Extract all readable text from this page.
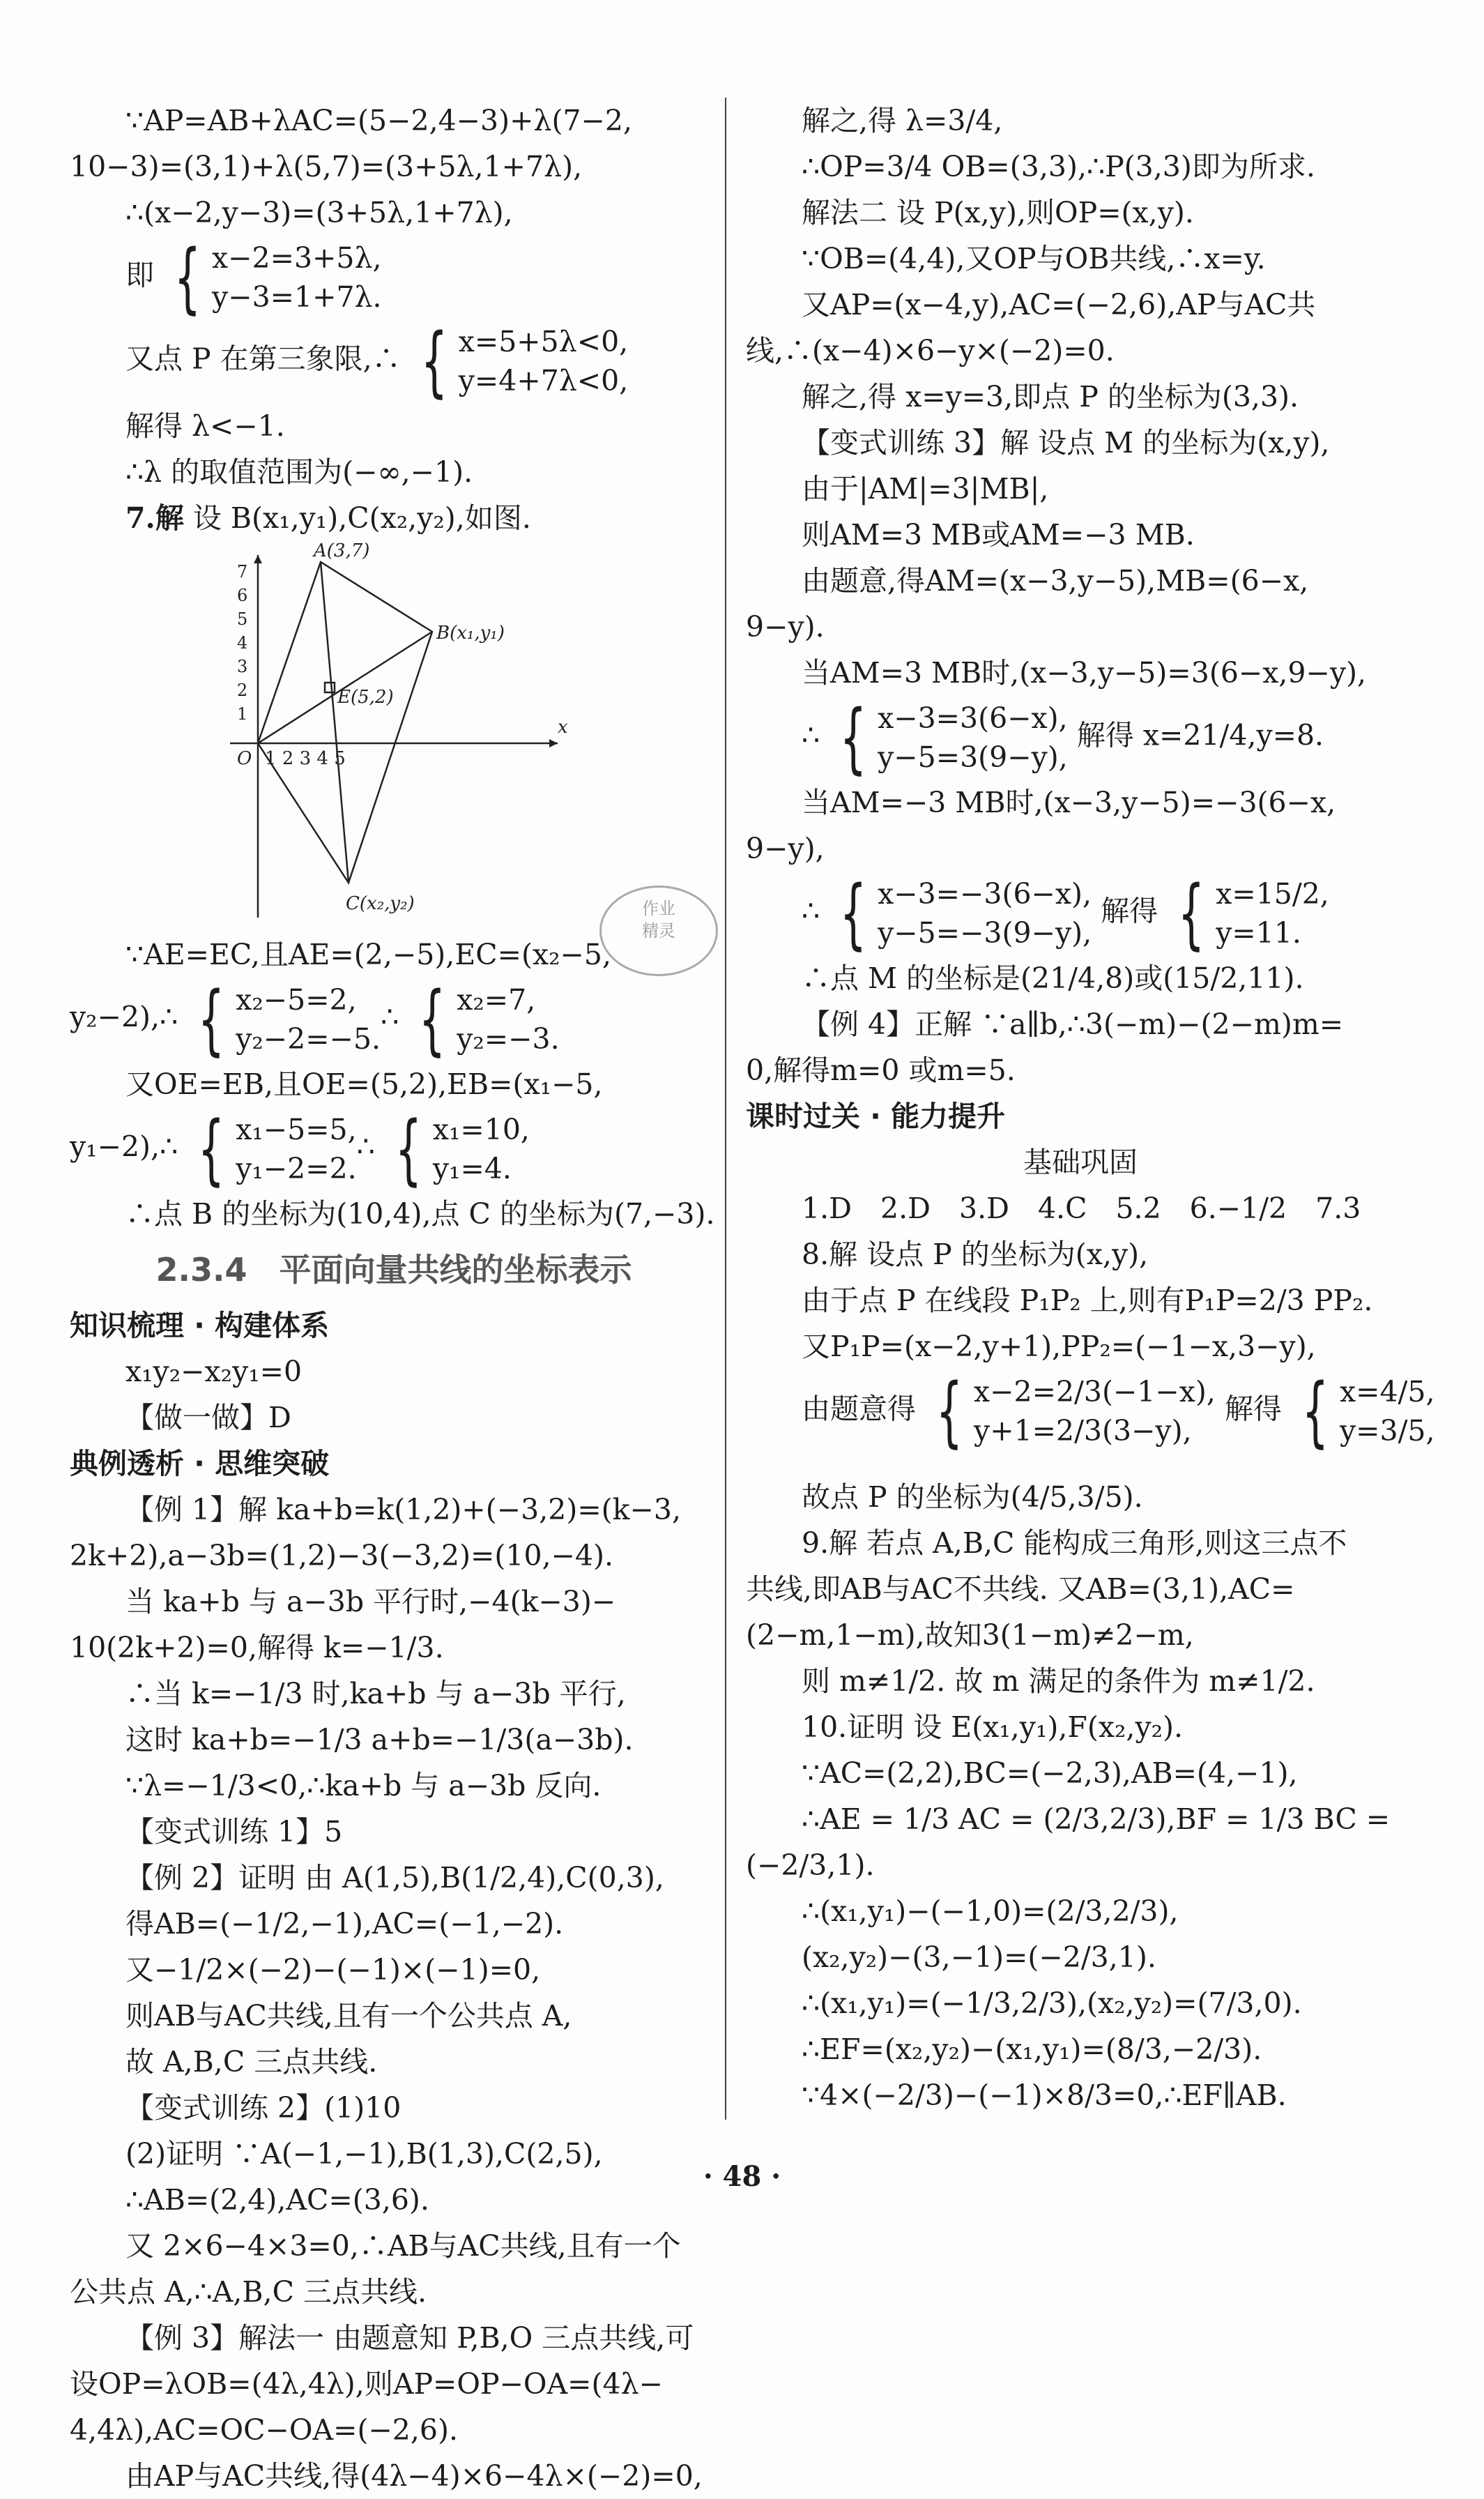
∵AP=AB+λAC=(5−2,4−3)+λ(7−2,
10−3)=(3,1)+λ(5,7)=(3+5λ,1+7λ),
∴(x−2,y−3)=(3+5λ,1+7λ),
即 { x−2=3+5λ,
y−3=1+7λ.
又点 P 在第三象限,∴ { x=5+5λ<0,
y=4+7λ<0,
解得 λ<−1.
∴λ 的取值范围为(−∞,−1).
7.解 设 B(x₁,y₁),C(x₂,y₂),如图.
A(3,7)
B(x₁,y₁)
C(x₂,y₂)
E(5,2)
O
x
1 2 3 4 5
7
6
5
4
3
2
1
∵AE=EC,且AE=(2,−5),EC=(x₂−5,
y₂−2),∴ { x₂−5=2,
y₂−2=−5.
∴ { x₂=7,
y₂=−3.
又OE=EB,且OE=(5,2),EB=(x₁−5,
y₁−2),∴ { x₁−5=5,
y₁−2=2.
∴ { x₁=10,
y₁=4.
∴点 B 的坐标为(10,4),点 C 的坐标为(7,−3).
2.3.4　平面向量共线的坐标表示
知识梳理 · 构建体系
x₁y₂−x₂y₁=0
【做一做】D
典例透析 · 思维突破
【例 1】解 ka+b=k(1,2)+(−3,2)=(k−3,
2k+2),a−3b=(1,2)−3(−3,2)=(10,−4).
当 ka+b 与 a−3b 平行时,−4(k−3)−
10(2k+2)=0,解得 k=−1/3.
∴当 k=−1/3 时,ka+b 与 a−3b 平行,
这时 ka+b=−1/3 a+b=−1/3(a−3b).
∵λ=−1/3<0,∴ka+b 与 a−3b 反向.
【变式训练 1】5
【例 2】证明 由 A(1,5),B(1/2,4),C(0,3),
得AB=(−1/2,−1),AC=(−1,−2).
又−1/2×(−2)−(−1)×(−1)=0,
则AB与AC共线,且有一个公共点 A,
故 A,B,C 三点共线.
【变式训练 2】(1)10
(2)证明 ∵A(−1,−1),B(1,3),C(2,5),
∴AB=(2,4),AC=(3,6).
又 2×6−4×3=0,∴AB与AC共线,且有一个
公共点 A,∴A,B,C 三点共线.
【例 3】解法一 由题意知 P,B,O 三点共线,可
设OP=λOB=(4λ,4λ),则AP=OP−OA=(4λ−
4,4λ),AC=OC−OA=(−2,6).
由AP与AC共线,得(4λ−4)×6−4λ×(−2)=0,
解之,得 λ=3/4,
∴OP=3/4 OB=(3,3),∴P(3,3)即为所求.
解法二 设 P(x,y),则OP=(x,y).
∵OB=(4,4),又OP与OB共线,∴x=y.
又AP=(x−4,y),AC=(−2,6),AP与AC共
线,∴(x−4)×6−y×(−2)=0.
解之,得 x=y=3,即点 P 的坐标为(3,3).
【变式训练 3】解 设点 M 的坐标为(x,y),
由于|AM|=3|MB|,
则AM=3 MB或AM=−3 MB.
由题意,得AM=(x−3,y−5),MB=(6−x,
9−y).
当AM=3 MB时,(x−3,y−5)=3(6−x,9−y),
∴ { x−3=3(6−x),
y−5=3(9−y),
解得 x=21/4,y=8.
当AM=−3 MB时,(x−3,y−5)=−3(6−x,
9−y),
∴ { x−3=−3(6−x),
y−5=−3(9−y),
解得 { x=15/2,
y=11.
∴点 M 的坐标是(21/4,8)或(15/2,11).
【例 4】正解 ∵a∥b,∴3(−m)−(2−m)m=
0,解得m=0 或m=5.
课时过关 · 能力提升
基础巩固
1.D　2.D　3.D　4.C　5.2　6.−1/2　7.3
8.解 设点 P 的坐标为(x,y),
由于点 P 在线段 P₁P₂ 上,则有P₁P=2/3 PP₂.
又P₁P=(x−2,y+1),PP₂=(−1−x,3−y),
由题意得 { x−2=2/3(−1−x),
y+1=2/3(3−y),
解得 { x=4/5,
y=3/5,
故点 P 的坐标为(4/5,3/5).
9.解 若点 A,B,C 能构成三角形,则这三点不
共线,即AB与AC不共线. 又AB=(3,1),AC=
(2−m,1−m),故知3(1−m)≠2−m,
则 m≠1/2. 故 m 满足的条件为 m≠1/2.
10.证明 设 E(x₁,y₁),F(x₂,y₂).
∵AC=(2,2),BC=(−2,3),AB=(4,−1),
∴AE = 1/3 AC = (2/3,2/3),BF = 1/3 BC =
(−2/3,1).
∴(x₁,y₁)−(−1,0)=(2/3,2/3),
(x₂,y₂)−(3,−1)=(−2/3,1).
∴(x₁,y₁)=(−1/3,2/3),(x₂,y₂)=(7/3,0).
∴EF=(x₂,y₂)−(x₁,y₁)=(8/3,−2/3).
∵4×(−2/3)−(−1)×8/3=0,∴EF∥AB.
作业
精灵
· 48 ·
